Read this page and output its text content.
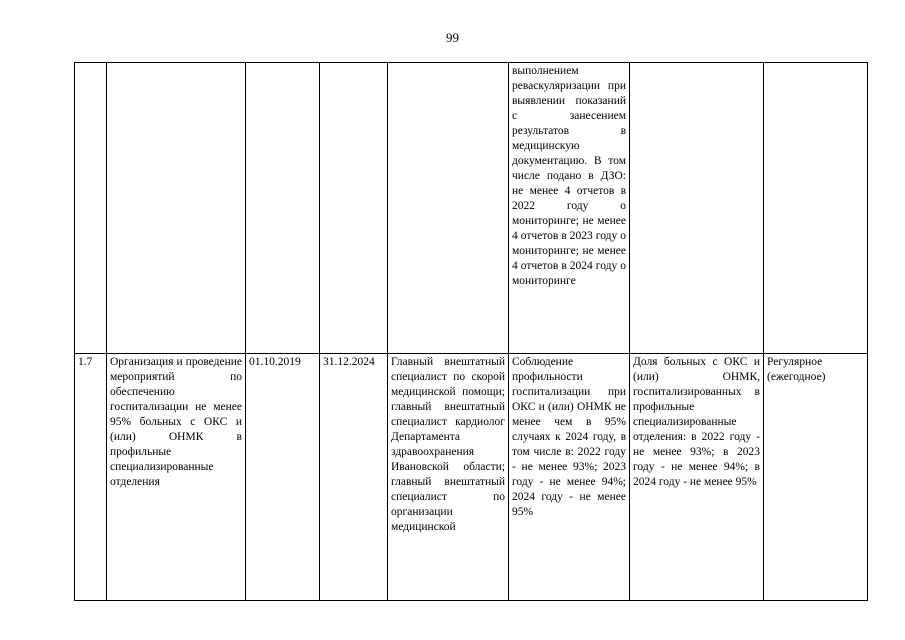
99
					выполнением реваскуляризации при выявлении показаний с занесением результатов в медицинскую документацию. В том числе подано в ДЗО: не менее 4 отчетов в 2022 году о мониторинге; не менее 4 отчетов в 2023 году о мониторинге; не менее 4 отчетов в 2024 году о мониторинге		
1.7	Организация и проведение мероприятий по обеспечению госпитализации не менее 95% больных с ОКС и (или) ОНМК в профильные специализированные отделения	01.10.2019	31.12.2024	Главный внештатный специалист по скорой медицинской помощи; главный внештатный специалист кардиолог Департамента здравоохранения Ивановской области; главный внештатный специалист по организации медицинской	Соблюдение профильности госпитализации при ОКС и (или) ОНМК не менее чем в 95% случаях к 2024 году, в том числе в: 2022 году - не менее 93%; 2023 году - не менее 94%; 2024 году - не менее 95%	Доля больных с ОКС и (или) ОНМК, госпитализированных в профильные специализированные отделения: в 2022 году - не менее 93%; в 2023 году - не менее 94%; в 2024 году - не менее 95%	Регулярное (ежегодное)
